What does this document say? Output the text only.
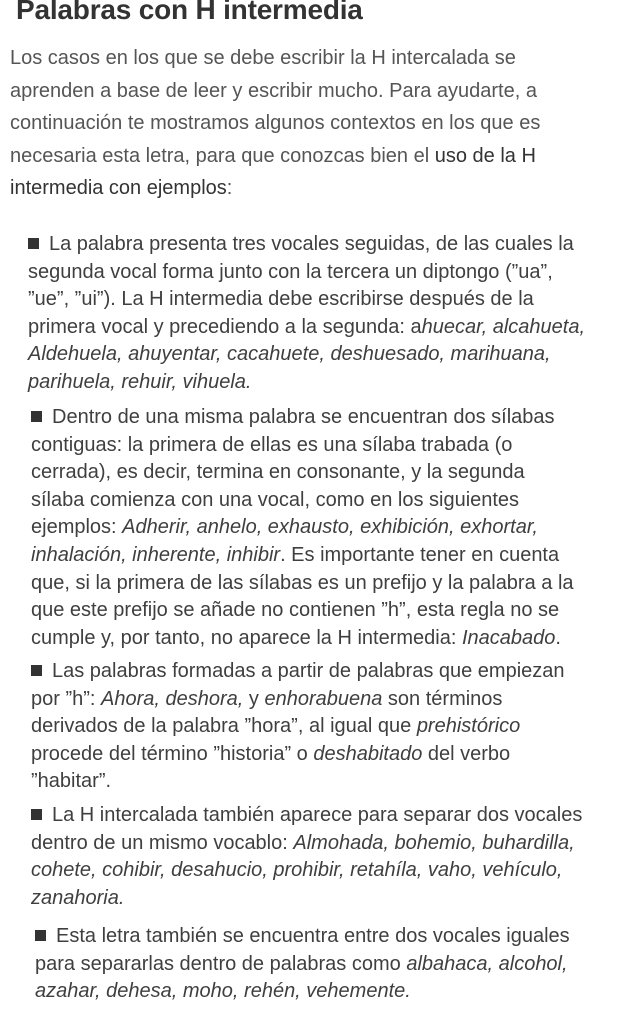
Palabras con H intermedia

Los casos en los que se debe escribir la H intercalada se aprenden a base de leer y escribir mucho. Para ayudarte, a continuación te mostramos algunos contextos en los que es necesaria esta letra, para que conozcas bien el uso de la H intermedia con ejemplos:

La palabra presenta tres vocales seguidas, de las cuales la segunda vocal forma junto con la tercera un diptongo (”ua”, ”ue”, ”ui”). La H intermedia debe escribirse después de la primera vocal y precediendo a la segunda: ahuecar, alcahueta, Aldehuela, ahuyentar, cacahuete, deshuesado, marihuana, parihuela, rehuir, vihuela.
Dentro de una misma palabra se encuentran dos sílabas contiguas: la primera de ellas es una sílaba trabada (o cerrada), es decir, termina en consonante, y la segunda sílaba comienza con una vocal, como en los siguientes ejemplos: Adherir, anhelo, exhausto, exhibición, exhortar, inhalación, inherente, inhibir. Es importante tener en cuenta que, si la primera de las sílabas es un prefijo y la palabra a la que este prefijo se añade no contienen ”h”, esta regla no se cumple y, por tanto, no aparece la H intermedia: Inacabado.
Las palabras formadas a partir de palabras que empiezan por ”h”: Ahora, deshora, y enhorabuena son términos derivados de la palabra ”hora”, al igual que prehistórico procede del término ”historia” o deshabitado del verbo ”habitar”.
La H intercalada también aparece para separar dos vocales dentro de un mismo vocablo: Almohada, bohemio, buhardilla, cohete, cohibir, desahucio, prohibir, retahíla, vaho, vehículo, zanahoria.
Esta letra también se encuentra entre dos vocales iguales para separarlas dentro de palabras como albahaca, alcohol, azahar, dehesa, moho, rehén, vehemente.
